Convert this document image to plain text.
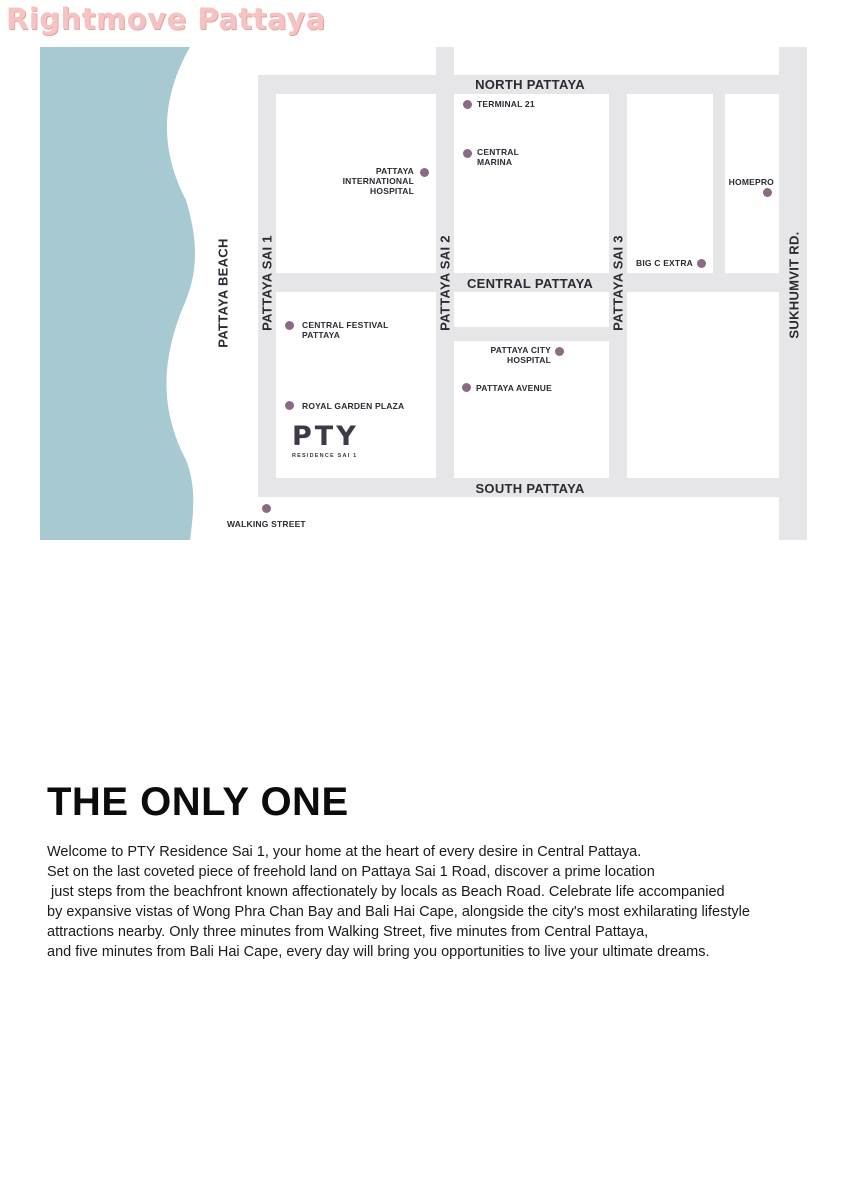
NORTH PATTAYA
CENTRAL PATTAYA
SOUTH PATTAYA
PATTAYA BEACH PATTAYA SAI 1	PATTAYA SAI 2	PATTAYA SAI 3	SUKHUMVIT RD.
TERMINAL 21
CENTRAL
MARINA
PATTAYA
INTERNATIONAL
HOSPITAL
HOMEPRO
BIG C EXTRA
CENTRAL FESTIVAL
PATTAYA
PATTAYA CITY
HOSPITAL
PATTAYA AVENUE
ROYAL GARDEN PLAZA
WALKING STREET
PTY
RESIDENCE SAI 1
Rightmove Pattaya
THE ONLY ONE
Welcome to PTY Residence Sai 1, your home at the heart of every desire in Central Pattaya.
Set on the last coveted piece of freehold land on Pattaya Sai 1 Road, discover a prime location
just steps from the beachfront known affectionately by locals as Beach Road. Celebrate life accompanied
by expansive vistas of Wong Phra Chan Bay and Bali Hai Cape, alongside the city's most exhilarating lifestyle
attractions nearby. Only three minutes from Walking Street, five minutes from Central Pattaya,
and five minutes from Bali Hai Cape, every day will bring you opportunities to live your ultimate dreams.
